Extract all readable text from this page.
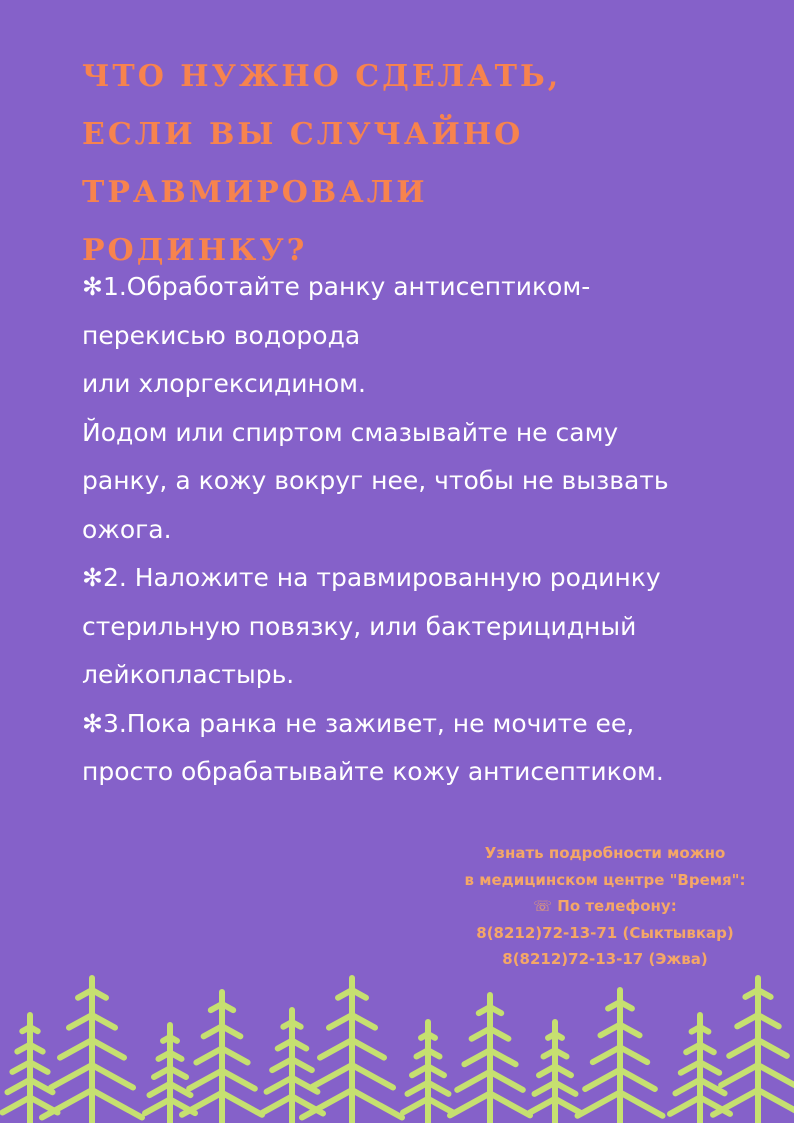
ЧТО НУЖНО СДЕЛАТЬ,
ЕСЛИ ВЫ СЛУЧАЙНО
ТРАВМИРОВАЛИ
РОДИНКУ?
✻1.Обработайте ранку антисептиком-
перекисью водорода
или хлоргексидином.
Йодом или спиртом смазывайте не саму
ранку, а кожу вокруг нее, чтобы не вызвать
ожога.
✻2. Наложите на травмированную родинку
стерильную повязку, или бактерицидный
лейкопластырь.
✻3.Пока ранка не заживет, не мочите ее,
просто обрабатывайте кожу антисептиком.
Узнать подробности можно
в медицинском центре "Время":
☏ По телефону:
8(8212)72-13-71 (Сыктывкар)
8(8212)72-13-17 (Эжва)
